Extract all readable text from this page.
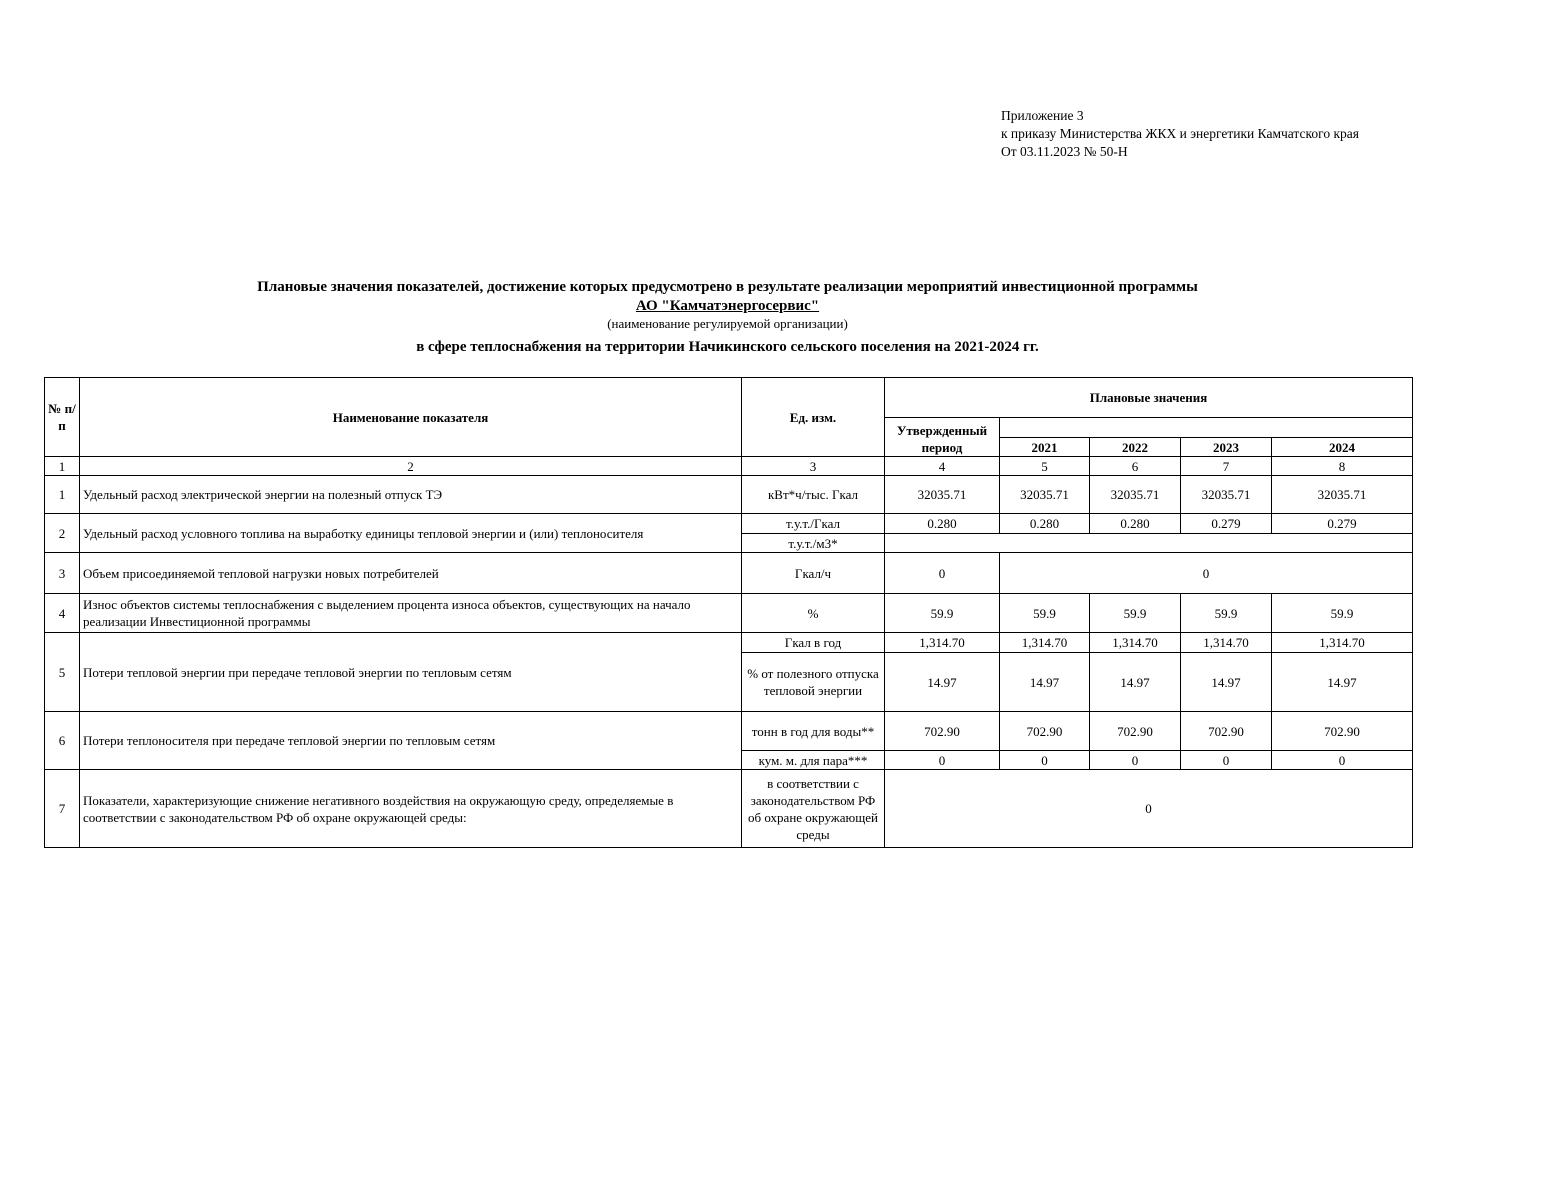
Приложение 3
к приказу Министерства ЖКХ и энергетики Камчатского края
От 03.11.2023 № 50-Н
Плановые значения показателей, достижение которых предусмотрено в результате реализации мероприятий инвестиционной программы
АО "Камчатэнергосервис"
(наименование регулируемой организации)
в сфере теплоснабжения на территории Начикинского сельского поселения на 2021-2024 гг.
№ п/п	Наименование показателя	Ед. изм.	Плановые значения				
			Утвержденный период				
				2021	2022	2023	2024
1	2	3	4	5	6	7	8
1	Удельный расход электрической энергии на полезный отпуск ТЭ	кВт*ч/тыс. Гкал	32035.71	32035.71	32035.71	32035.71	32035.71
2	Удельный расход условного топлива на выработку единицы тепловой энергии и (или) теплоносителя	т.у.т./Гкал	0.280	0.280	0.280	0.279	0.279
		т.у.т./м3*					
3	Объем присоединяемой тепловой нагрузки новых потребителей	Гкал/ч	0	0			
4	Износ объектов системы теплоснабжения с выделением процента износа объектов, существующих на начало реализации Инвестиционной программы	%	59.9	59.9	59.9	59.9	59.9
5	Потери тепловой энергии при передаче тепловой энергии по тепловым сетям	Гкал в год	1,314.70	1,314.70	1,314.70	1,314.70	1,314.70
		% от полезного отпуска тепловой энергии	14.97	14.97	14.97	14.97	14.97
6	Потери теплоносителя при передаче тепловой энергии по тепловым сетям	тонн в год для воды**	702.90	702.90	702.90	702.90	702.90
		кум. м. для пара***	0	0	0	0	0
7	Показатели, характеризующие снижение негативного воздействия на окружающую среду, определяемые в соответствии с законодательством РФ об охране окружающей среды:	в соответствии с законодательством РФ об охране окружающей среды	0				
